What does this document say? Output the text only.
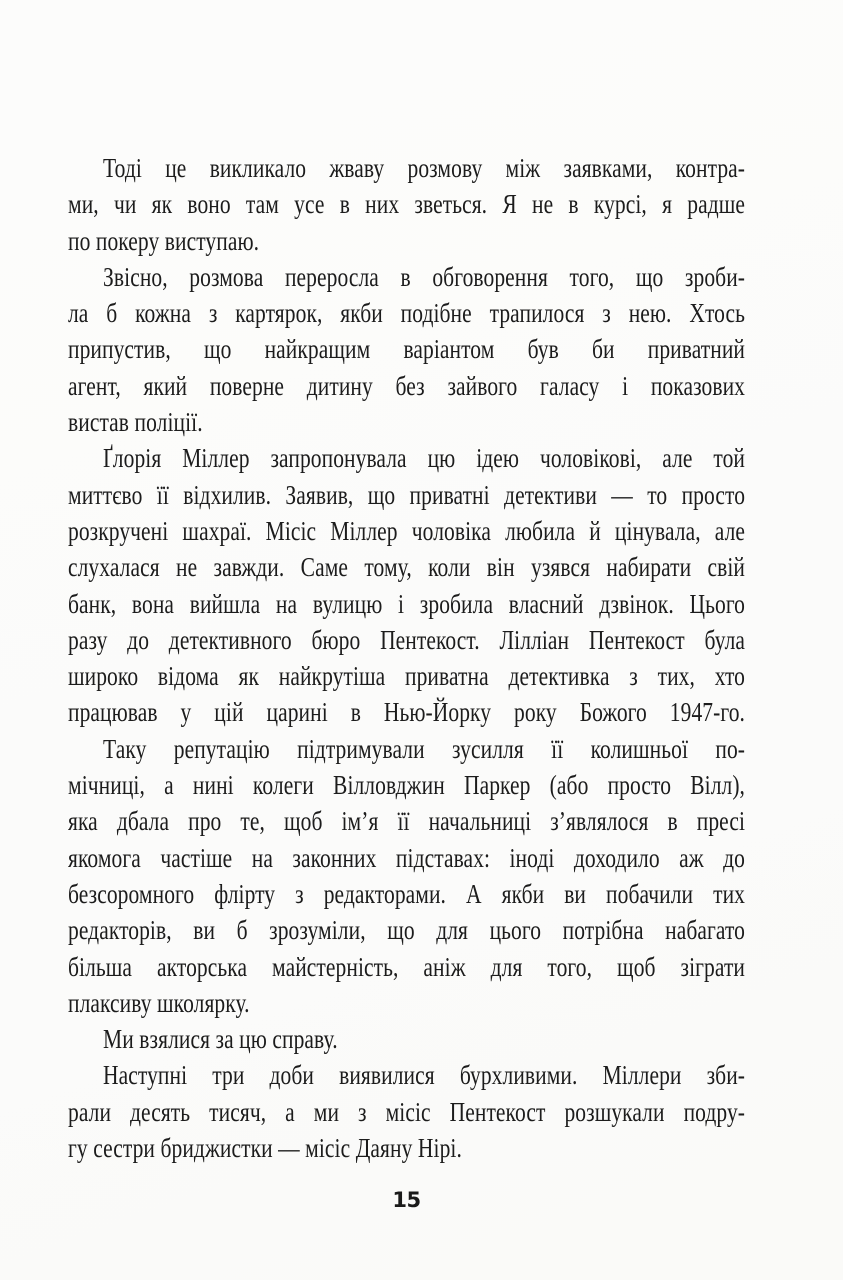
Тоді це викликало жваву розмову між заявками, контра-
ми, чи як воно там усе в них зветься. Я не в курсі, я радше
по покеру виступаю.
Звісно, розмова переросла в обговорення того, що зроби-
ла б кожна з картярок, якби подібне трапилося з нею. Хтось
припустив, що найкращим варіантом був би приватний
агент, який поверне дитину без зайвого галасу і показових
вистав поліції.
Ґлорія Міллер запропонувала цю ідею чоловікові, але той
миттєво її відхилив. Заявив, що приватні детективи — то просто
розкручені шахраї. Місіс Міллер чоловіка любила й цінувала, але
слухалася не завжди. Саме тому, коли він узявся набирати свій
банк, вона вийшла на вулицю і зробила власний дзвінок. Цього
разу до детективного бюро Пентекост. Лілліан Пентекост була
широко відома як найкрутіша приватна детективка з тих, хто
працював у цій царині в Нью-Йорку року Божого 1947-го.
Таку репутацію підтримували зусилля її колишньої по-
мічниці, а нині колеги Вілловджин Паркер (або просто Вілл),
яка дбала про те, щоб ім’я її начальниці з’являлося в пресі
якомога частіше на законних підставах: іноді доходило аж до
безсоромного флірту з редакторами. А якби ви побачили тих
редакторів, ви б зрозуміли, що для цього потрібна набагато
більша акторська майстерність, аніж для того, щоб зіграти
плаксиву школярку.
Ми взялися за цю справу.
Наступні три доби виявилися бурхливими. Міллери зби-
рали десять тисяч, а ми з місіс Пентекост розшукали подру-
гу сестри бриджистки — місіс Даяну Нірі.
15
